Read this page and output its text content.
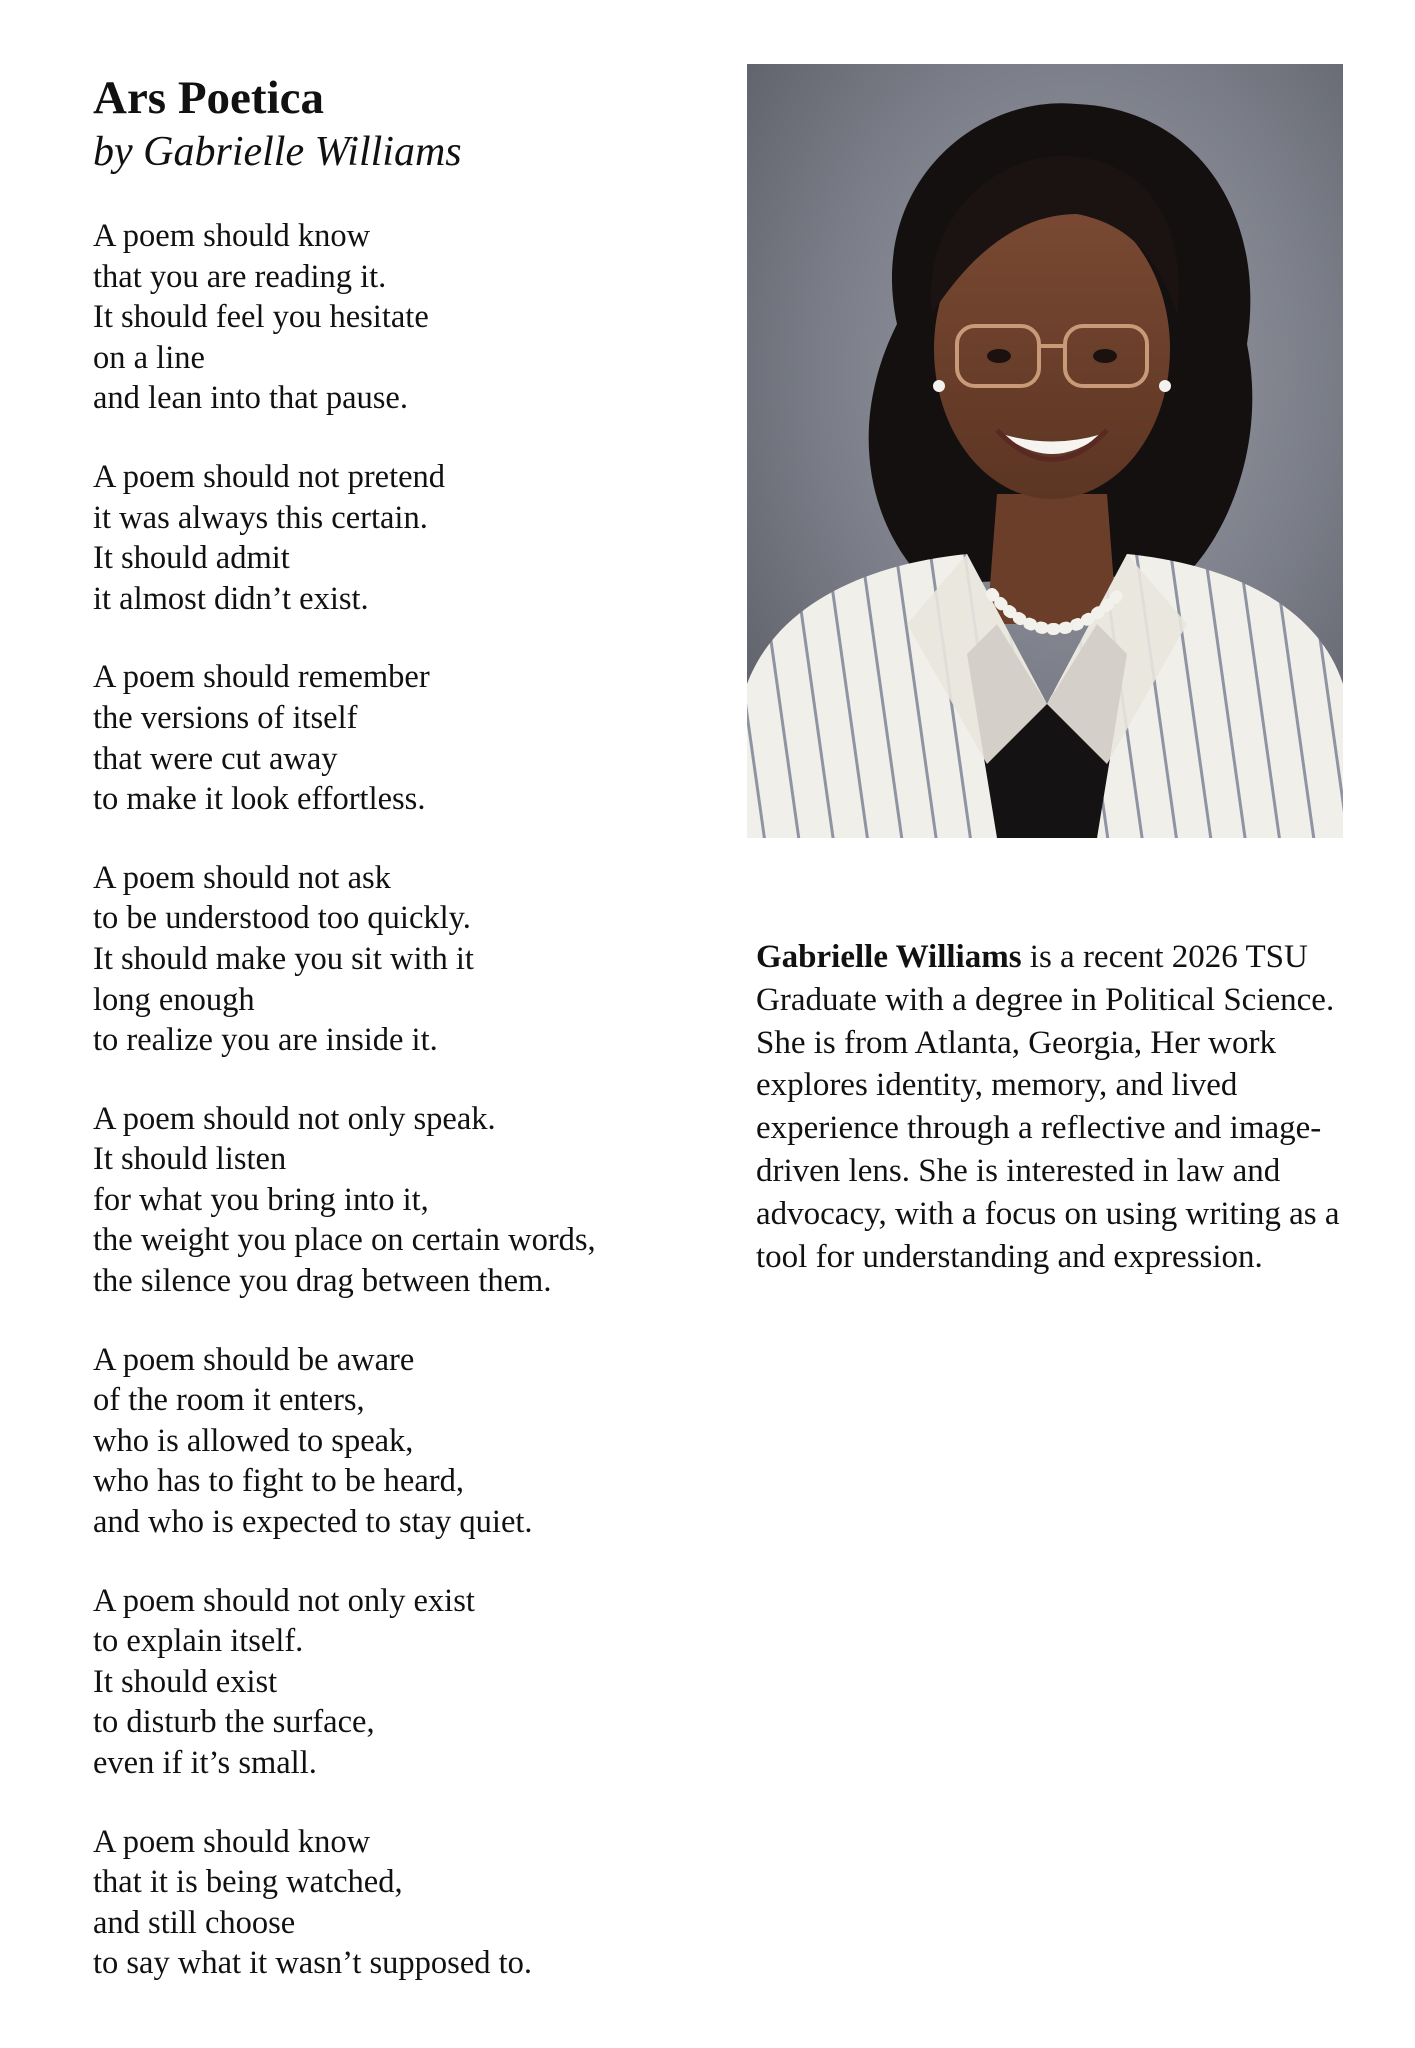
Ars Poetica

by Gabrielle Williams

A poem should know
that you are reading it.
It should feel you hesitate
on a line
and lean into that pause.
A poem should not pretend
it was always this certain.
It should admit
it almost didn’t exist.
A poem should remember
the versions of itself
that were cut away
to make it look effortless.
A poem should not ask
to be understood too quickly.
It should make you sit with it
long enough
to realize you are inside it.
A poem should not only speak.
It should listen
for what you bring into it,
the weight you place on certain words,
the silence you drag between them.
A poem should be aware
of the room it enters,
who is allowed to speak,
who has to fight to be heard,
and who is expected to stay quiet.
A poem should not only exist
to explain itself.
It should exist
to disturb the surface,
even if it’s small.
A poem should know
that it is being watched,
and still choose
to say what it wasn’t supposed to.

Gabrielle Williams is a recent 2026 TSU Graduate with a degree in Political Science. She is from Atlanta, Georgia, Her work explores identity, memory, and lived experience through a reflective and image-driven lens. She is interested in law and advocacy, with a focus on using writing as a tool for understanding and expression.
